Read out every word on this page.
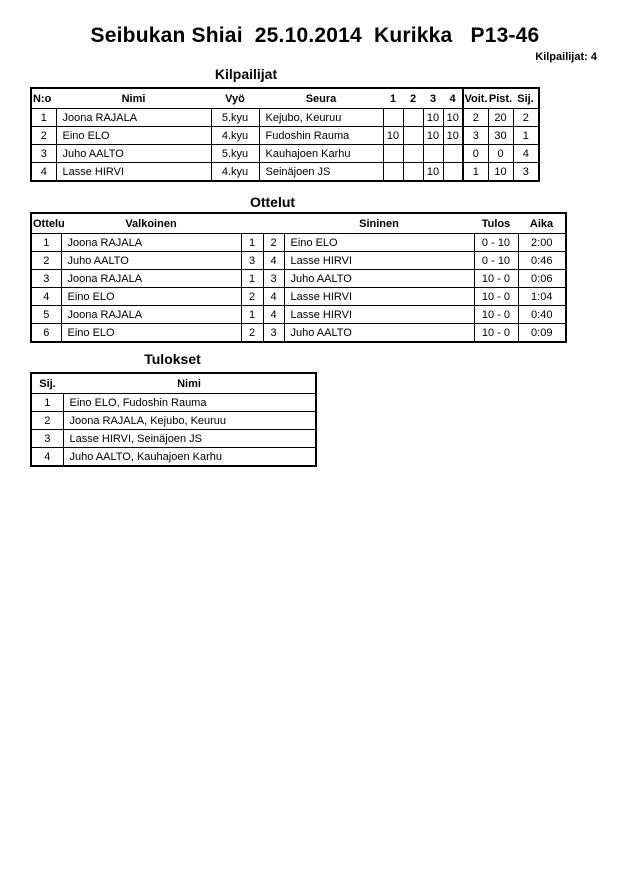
Seibukan Shiai  25.10.2014  Kurikka   P13-46
Kilpailijat: 4
Kilpailijat
N:o	Nimi	Vyö	Seura	1	2	3	4	Voit.	Pist.	Sij.
1	Joona RAJALA	5.kyu	Kejubo, Keuruu			10	10	2	20	2
2	Eino ELO	4.kyu	Fudoshin Rauma	10		10	10	3	30	1
3	Juho AALTO	5.kyu	Kauhajoen Karhu					0	0	4
4	Lasse HIRVI	4.kyu	Seinäjoen JS			10		1	10	3
Ottelut
Ottelu	Valkoinen			Sininen	Tulos	Aika
1	Joona RAJALA	1	2	Eino ELO	0 - 10	2:00
2	Juho AALTO	3	4	Lasse HIRVI	0 - 10	0:46
3	Joona RAJALA	1	3	Juho AALTO	10 - 0	0:06
4	Eino ELO	2	4	Lasse HIRVI	10 - 0	1:04
5	Joona RAJALA	1	4	Lasse HIRVI	10 - 0	0:40
6	Eino ELO	2	3	Juho AALTO	10 - 0	0:09
Tulokset
Sij.	Nimi
1	Eino ELO, Fudoshin Rauma
2	Joona RAJALA, Kejubo, Keuruu
3	Lasse HIRVI, Seinäjoen JS
4	Juho AALTO, Kauhajoen Karhu
